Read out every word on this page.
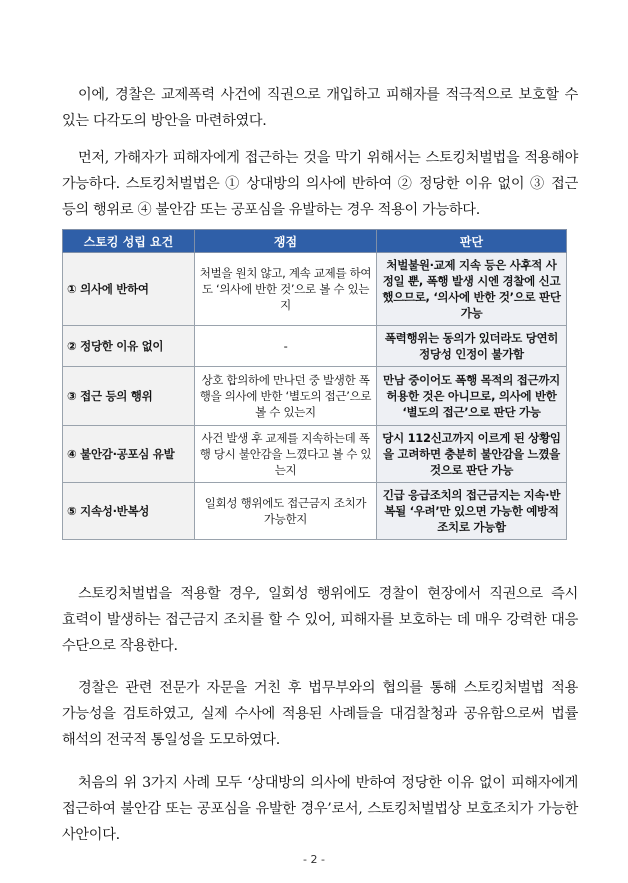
이에, 경찰은 교제폭력 사건에 직권으로 개입하고 피해자를 적극적으로 보호할 수 있는 다각도의 방안을 마련하였다.

먼저, 가해자가 피해자에게 접근하는 것을 막기 위해서는 스토킹처벌법을 적용해야 가능하다. 스토킹처벌법은 ① 상대방의 의사에 반하여 ② 정당한 이유 없이 ③ 접근 등의 행위로 ④ 불안감 또는 공포심을 유발하는 경우 적용이 가능하다.

스토킹 성립 요건	쟁점	판단
① 의사에 반하여	처벌을 원치 않고, 계속 교제를 하여도 ‘의사에 반한 것’으로 볼 수 있는지	처벌불원·교제 지속 등은 사후적 사정일 뿐, 폭행 발생 시엔 경찰에 신고했으므로, ‘의사에 반한 것’으로 판단 가능
② 정당한 이유 없이	-	폭력행위는 동의가 있더라도 당연히 정당성 인정이 불가함
③ 접근 등의 행위	상호 합의하에 만나던 중 발생한 폭행을 의사에 반한 ‘별도의 접근’으로 볼 수 있는지	만남 중이어도 폭행 목적의 접근까지 허용한 것은 아니므로, 의사에 반한 ‘별도의 접근’으로 판단 가능
④ 불안감·공포심 유발	사건 발생 후 교제를 지속하는데 폭행 당시 불안감을 느꼈다고 볼 수 있는지	당시 112신고까지 이르게 된 상황임을 고려하면 충분히 불안감을 느꼈을 것으로 판단 가능
⑤ 지속성·반복성	일회성 행위에도 접근금지 조치가 가능한지	긴급 응급조치의 접근금지는 지속·반복될 ‘우려’만 있으면 가능한 예방적 조치로 가능함

스토킹처벌법을 적용할 경우, 일회성 행위에도 경찰이 현장에서 직권으로 즉시 효력이 발생하는 접근금지 조치를 할 수 있어, 피해자를 보호하는 데 매우 강력한 대응 수단으로 작용한다.

경찰은 관련 전문가 자문을 거친 후 법무부와의 협의를 통해 스토킹처벌법 적용 가능성을 검토하였고, 실제 수사에 적용된 사례들을 대검찰청과 공유함으로써 법률 해석의 전국적 통일성을 도모하였다.

처음의 위 3가지 사례 모두 ‘상대방의 의사에 반하여 정당한 이유 없이 피해자에게 접근하여 불안감 또는 공포심을 유발한 경우’로서, 스토킹처벌법상 보호조치가 가능한 사안이다.

- 2 -
